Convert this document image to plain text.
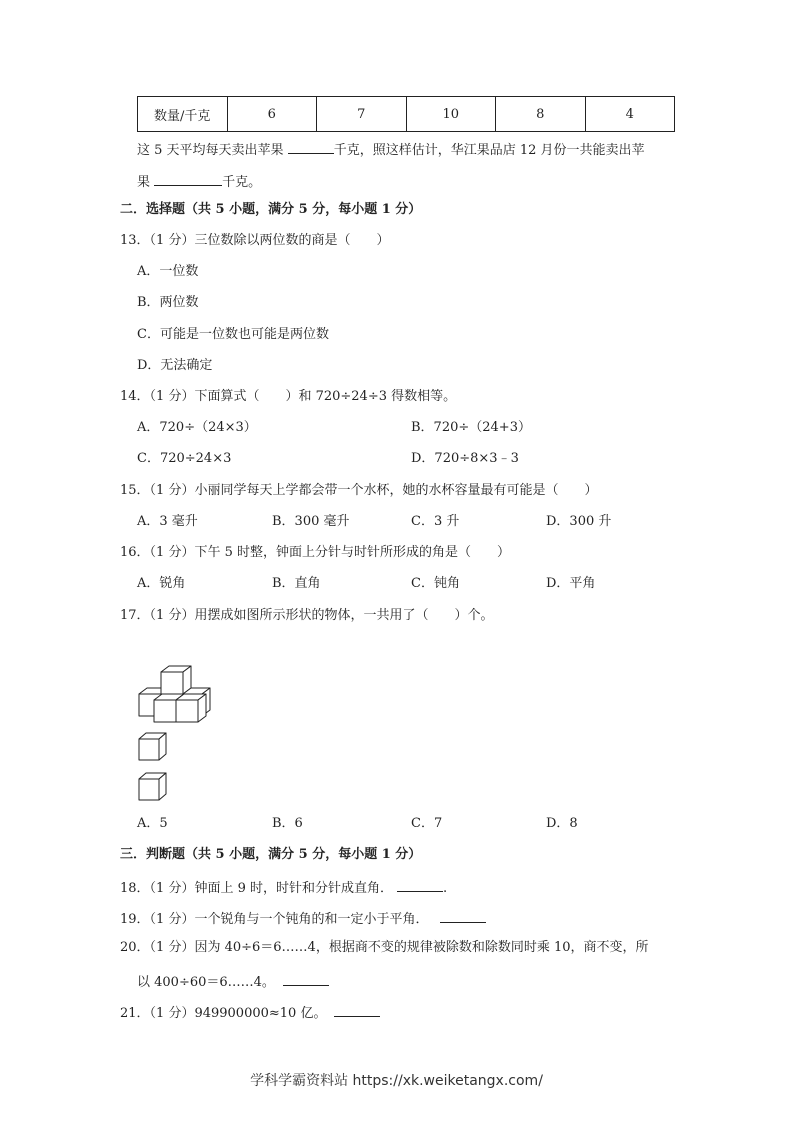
数量/千克	6	7	10	8	4
这 5 天平均每天卖出苹果	千克，照这样估计，华江果品店 12 月份一共能卖出苹
果	千克。
二．选择题（共 5 小题，满分 5 分，每小题 1 分）
13．（1 分）三位数除以两位数的商是（　　）
A．一位数
B．两位数
C．可能是一位数也可能是两位数
D．无法确定
14．（1 分）下面算式（　　）和 720÷24÷3 得数相等。
A．720÷（24×3）	B．720÷（24+3）
C．720÷24×3	D．720÷8×3﹣3
15．（1 分）小丽同学每天上学都会带一个水杯，她的水杯容量最有可能是（　　）
A．3 毫升	B．300 毫升	C．3 升	D．300 升
16．（1 分）下午 5 时整，钟面上分针与时针所形成的角是（　　）
A．锐角	B．直角	C．钝角	D．平角
17．（1 分）用摆成如图所示形状的物体，一共用了（　　）个。
A．5	B．6	C．7	D．8
三．判断题（共 5 小题，满分 5 分，每小题 1 分）
18．（1 分）钟面上 9 时，时针和分针成直角．	.
19．（1 分）一个锐角与一个钝角的和一定小于平角．
20．（1 分）因为 40÷6＝6……4，根据商不变的规律被除数和除数同时乘 10，商不变，所
以 400÷60＝6……4。
21．（1 分）949900000≈10 亿。
学科学霸资料站 https://xk.weiketangx.com/
